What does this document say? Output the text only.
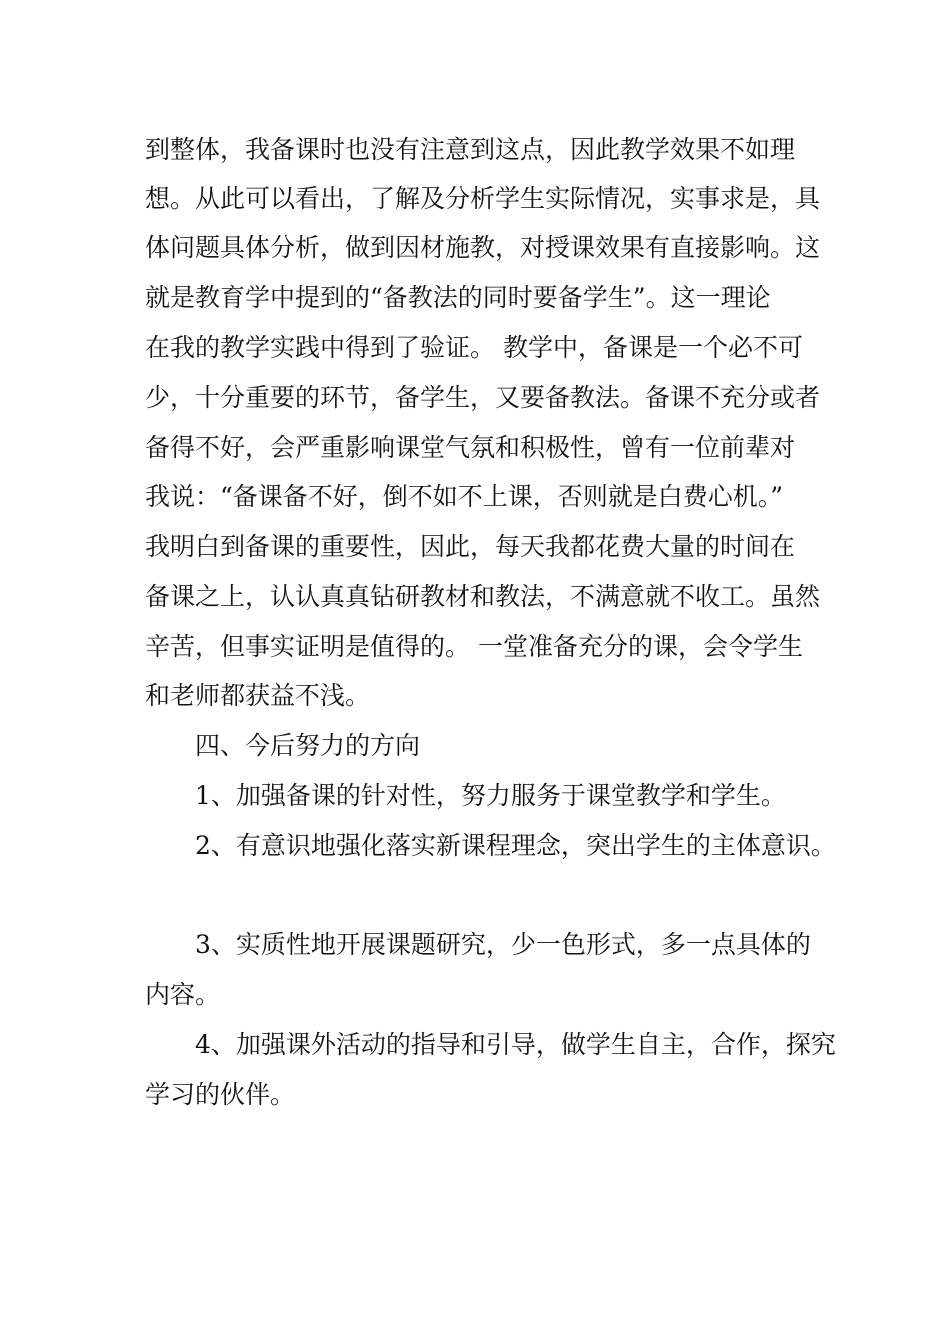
到整体，我备课时也没有注意到这点，因此教学效果不如理

想。从此可以看出，了解及分析学生实际情况，实事求是，具

体问题具体分析，做到因材施教，对授课效果有直接影响。这

就是教育学中提到的“备教法的同时要备学生”。这一理论

在我的教学实践中得到了验证。 教学中，备课是一个必不可

少，十分重要的环节，备学生，又要备教法。备课不充分或者

备得不好，会严重影响课堂气氛和积极性，曾有一位前辈对

我说：“备课备不好，倒不如不上课，否则就是白费心机。”

我明白到备课的重要性，因此，每天我都花费大量的时间在

备课之上，认认真真钻研教材和教法，不满意就不收工。虽然

辛苦，但事实证明是值得的。 一堂准备充分的课，会令学生

和老师都获益不浅。

四、今后努力的方向

1、加强备课的针对性，努力服务于课堂教学和学生。

2、有意识地强化落实新课程理念，突出学生的主体意识。

3、实质性地开展课题研究，少一色形式，多一点具体的

内容。

4、加强课外活动的指导和引导，做学生自主，合作，探究

学习的伙伴。
